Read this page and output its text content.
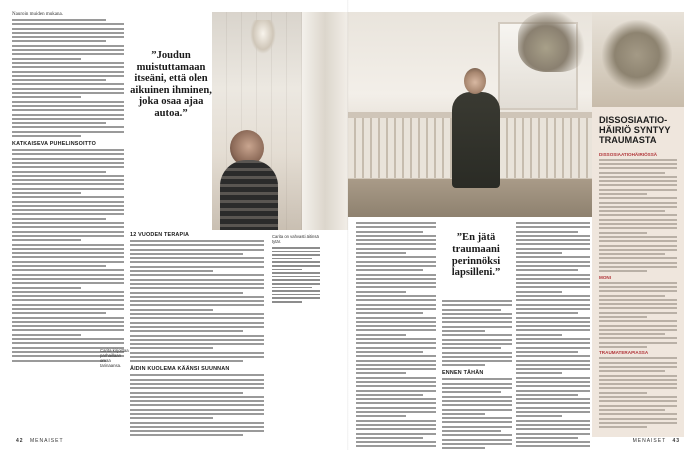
Nauroin muiden mukana.
KATKAISEVA PUHELINSOITTO
”Joudun muistuttamaan itseäni, että olen aikuinen ihminen, joka osaa ajaa autoa.”
Carita kirjoittaa parhaillaan omaa tarinaansa.
12 VUODEN TERAPIA
ÄIDIN KUOLEMA KÄÄNSI SUUNNAN
Carita on vahvasti äitinsä tytär.
DISSOSIAATIO-HÄIRIÖ SYNTYY TRAUMASTA
DISSOSIAATIOHÄIRIÖSSÄ
MONI
TRAUMATERAPIASSA
”En jätä traumaani perinnöksi lapsilleni.”
ENNEN TÄHÄN
42 MENAISET	MENAISET 43
